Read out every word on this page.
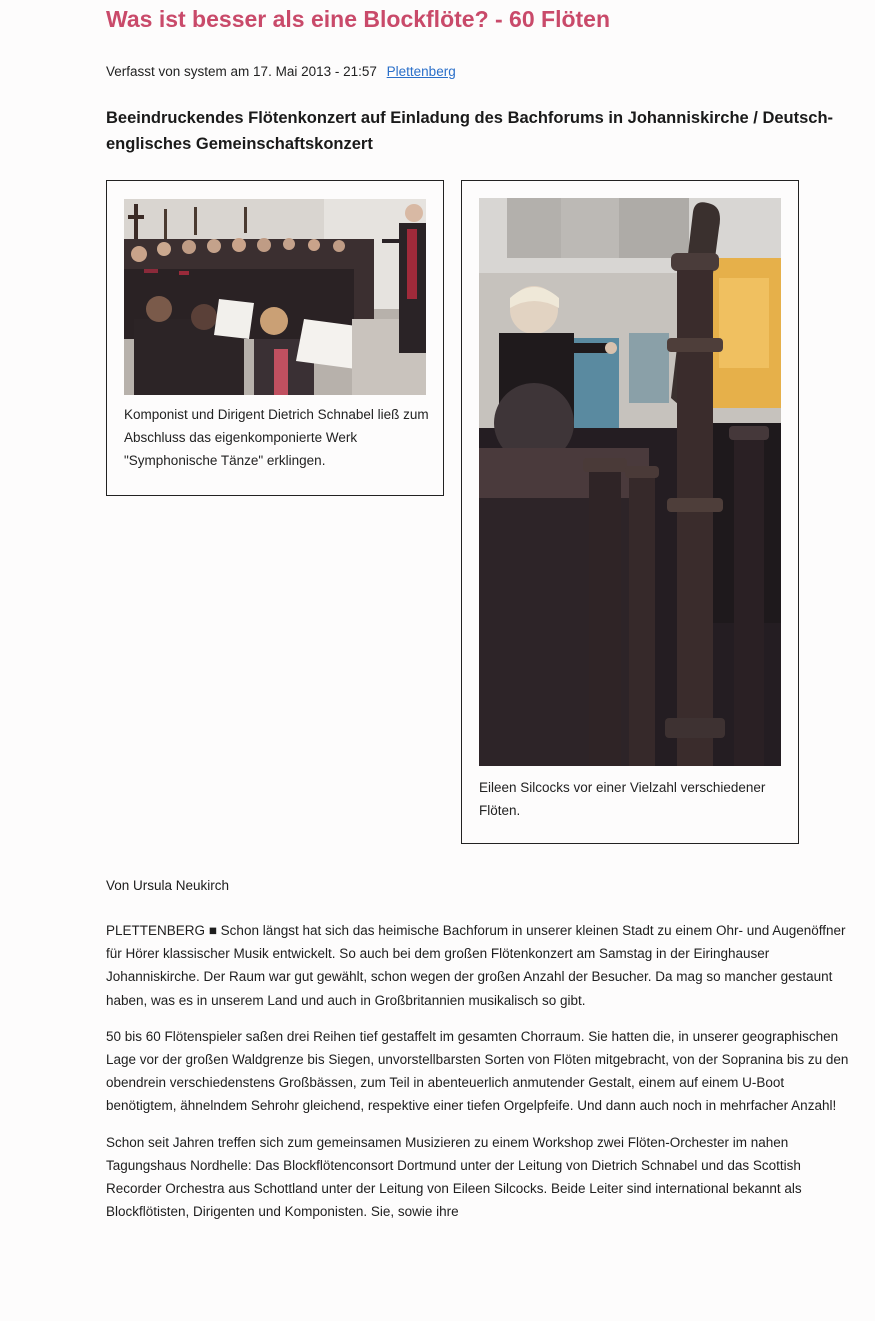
Was ist besser als eine Blockflöte? - 60 Flöten
Verfasst von system am 17. Mai 2013 - 21:57 Plettenberg
Beeindruckendes Flötenkonzert auf Einladung des Bachforums in Johanniskirche / Deutsch-englisches Gemeinschaftskonzert
Komponist und Dirigent Dietrich Schnabel ließ zum Abschluss das eigenkomponierte Werk "Symphonische Tänze" erklingen.
Eileen Silcocks vor einer Vielzahl verschiedener Flöten.
Von Ursula Neukirch

PLETTENBERG ■ Schon längst hat sich das heimische Bachforum in unserer kleinen Stadt zu einem Ohr- und Augenöffner für Hörer klassischer Musik entwickelt. So auch bei dem großen Flötenkonzert am Samstag in der Eiringhauser Johanniskirche. Der Raum war gut gewählt, schon wegen der großen Anzahl der Besucher. Da mag so mancher gestaunt haben, was es in unserem Land und auch in Großbritannien musikalisch so gibt.

50 bis 60 Flötenspieler saßen drei Reihen tief gestaffelt im gesamten Chorraum. Sie hatten die, in unserer geographischen Lage vor der großen Waldgrenze bis Siegen, unvorstellbarsten Sorten von Flöten mitgebracht, von der Sopranina bis zu den obendrein verschiedenstens Großbässen, zum Teil in abenteuerlich anmutender Gestalt, einem auf einem U-Boot benötigtem, ähnelndem Sehrohr gleichend, respektive einer tiefen Orgelpfeife. Und dann auch noch in mehrfacher Anzahl!

Schon seit Jahren treffen sich zum gemeinsamen Musizieren zu einem Workshop zwei Flöten-Orchester im nahen Tagungshaus Nordhelle: Das Blockflötenconsort Dortmund unter der Leitung von Dietrich Schnabel und das Scottish Recorder Orchestra aus Schottland unter der Leitung von Eileen Silcocks. Beide Leiter sind international bekannt als Blockflötisten, Dirigenten und Komponisten. Sie, sowie ihre
